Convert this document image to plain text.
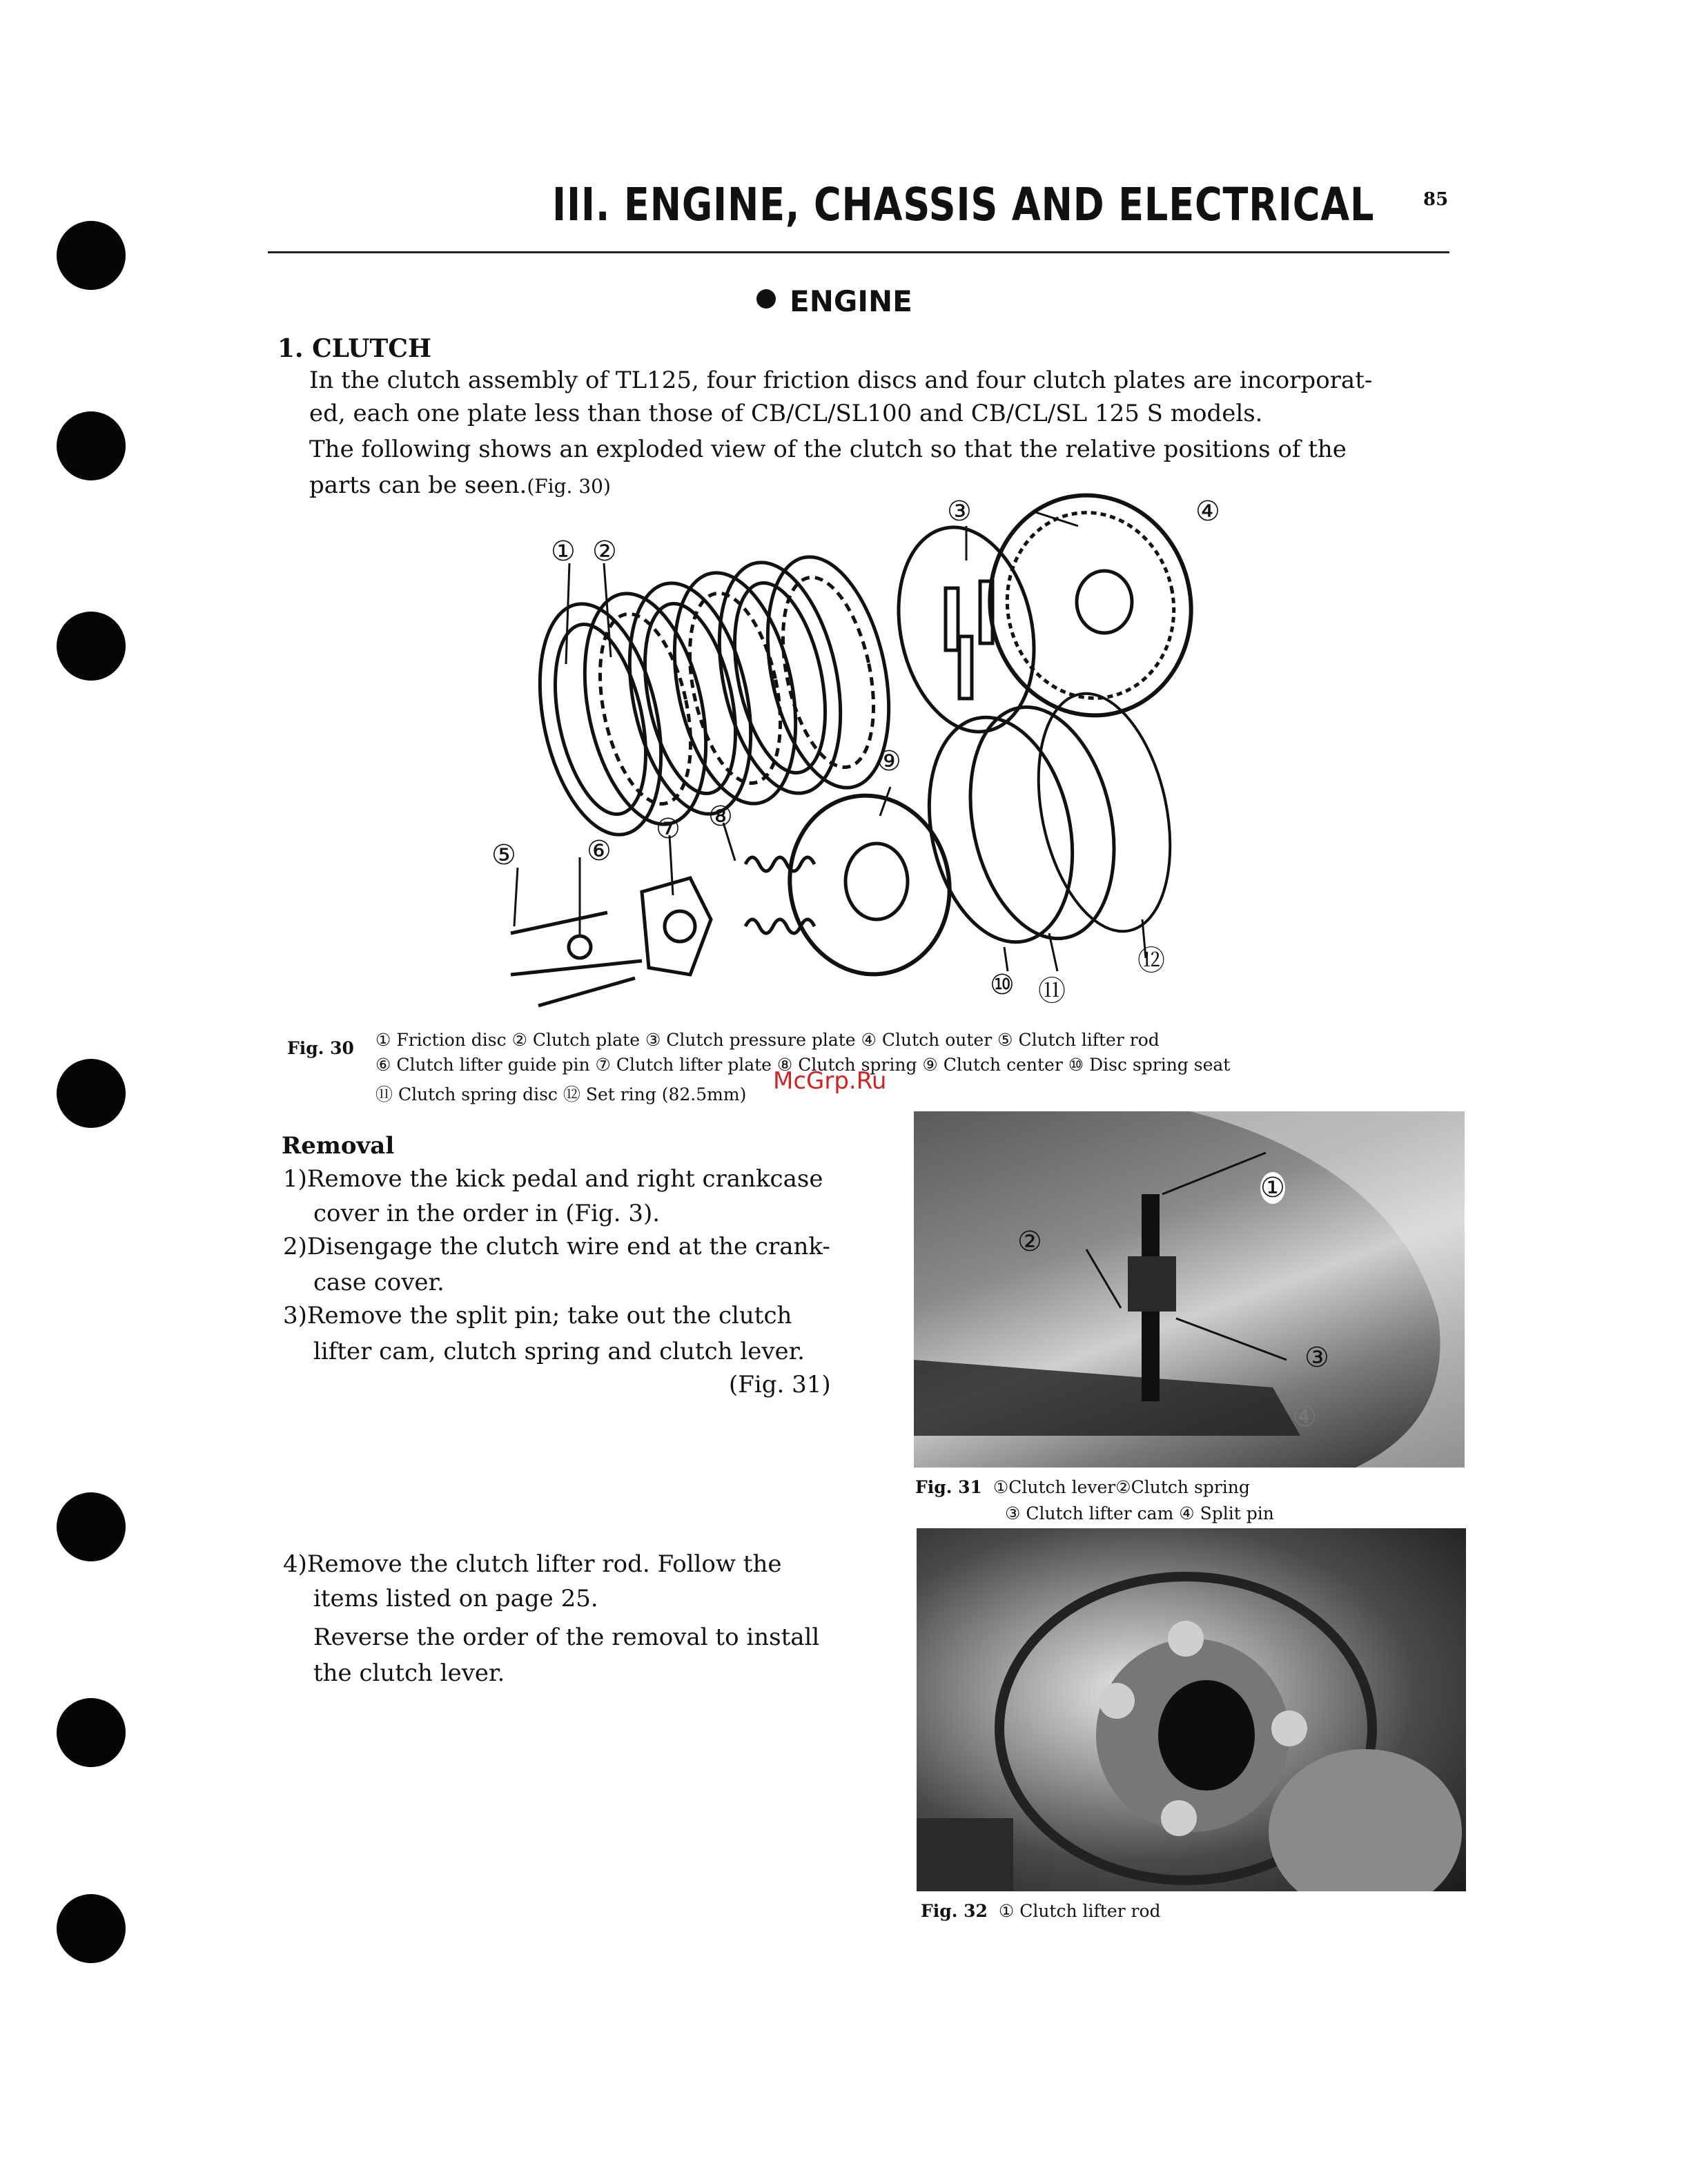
III. ENGINE, CHASSIS AND ELECTRICAL	85
ENGINE
1. CLUTCH
In the clutch assembly of TL125, four friction discs and four clutch plates are incorporat-
ed, each one plate less than those of CB/CL/SL100 and CB/CL/SL 125 S models.
The following shows an exploded view of the clutch so that the relative positions of the
parts can be seen.(Fig. 30)
① ②
③	④
⑤	⑥
⑦ ⑧
⑨
⑩ ⑪
⑫
Fig. 30 ① Friction disc ② Clutch plate ③ Clutch pressure plate ④ Clutch outer ⑤ Clutch lifter rod
⑥ Clutch lifter guide pin ⑦ Clutch lifter plate ⑧ Clutch spring ⑨ Clutch center ⑩ Disc spring seat
⑪ Clutch spring disc ⑫ Set ring (82.5mm) McGrp.Ru
Removal
1)Remove the kick pedal and right crankcase
cover in the order in (Fig. 3).
2)Disengage the clutch wire end at the crank-
case cover.
3)Remove the split pin; take out the clutch
lifter cam, clutch spring and clutch lever.
(Fig. 31)
4)Remove the clutch lifter rod. Follow the
items listed on page 25.
Reverse the order of the removal to install
the clutch lever.
①
②
③
④
Fig. 31 ①Clutch lever②Clutch spring
③ Clutch lifter cam ④ Split pin
Fig. 32 ① Clutch lifter rod
